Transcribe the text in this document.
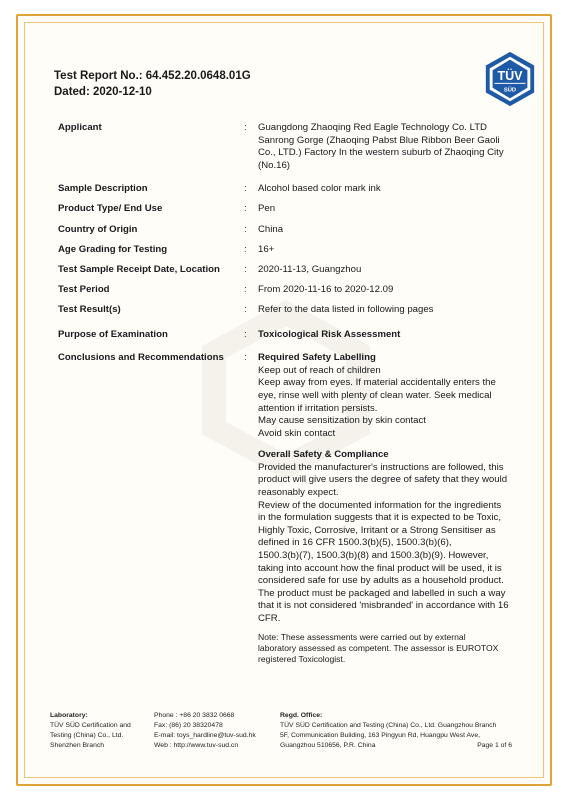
Test Report No.: 64.452.20.0648.01G
Dated: 2020-12-10
TÜV
SÜD
Applicant	:	Guangdong Zhaoqing Red Eagle Technology Co. LTD
Sanrong Gorge (Zhaoqing Pabst Blue Ribbon Beer Gaoli
Co., LTD.) Factory In the western suburb of Zhaoqing City
(No.16)
Sample Description	:	Alcohol based color mark ink
Product Type/ End Use	:	Pen
Country of Origin	:	China
Age Grading for Testing	:	16+
Test Sample Receipt Date, Location	:	2020-11-13, Guangzhou
Test Period	:	From 2020-11-16 to 2020-12.09
Test Result(s)	:	Refer to the data listed in following pages
Purpose of Examination	:	Toxicological Risk Assessment
Conclusions and Recommendations	:	Required Safety Labelling
Keep out of reach of children
Keep away from eyes. If material accidentally enters the
eye, rinse well with plenty of clean water. Seek medical
attention if irritation persists.
May cause sensitization by skin contact
Avoid skin contact
Overall Safety & Compliance
Provided the manufacturer's instructions are followed, this
product will give users the degree of safety that they would
reasonably expect.
Review of the documented information for the ingredients
in the formulation suggests that it is expected to be Toxic,
Highly Toxic, Corrosive, Irritant or a Strong Sensitiser as
defined in 16 CFR 1500.3(b)(5), 1500.3(b)(6),
1500.3(b)(7), 1500.3(b)(8) and 1500.3(b)(9). However,
taking into account how the final product will be used, it is
considered safe for use by adults as a household product.
The product must be packaged and labelled in such a way
that it is not considered 'misbranded' in accordance with 16
CFR.
Note: These assessments were carried out by external
laboratory assessed as competent. The assessor is EUROTOX
registered Toxicologist.
Laboratory:
TÜV SÜD Certification and
Testing (China) Co., Ltd.
Shenzhen Branch
Phone : +86 20 3832 0668
Fax: (86) 20 38320478
E-mail: toys_hardline@tuv-sud.hk
Web : http://www.tuv-sud.cn
Regd. Office:
TÜV SÜD Certification and Testing (China) Co., Ltd. Guangzhou Branch
5F, Communication Building, 163 Pingyun Rd, Huangpu West Ave,
Guangzhou 510656, P.R. China	Page 1 of 6
